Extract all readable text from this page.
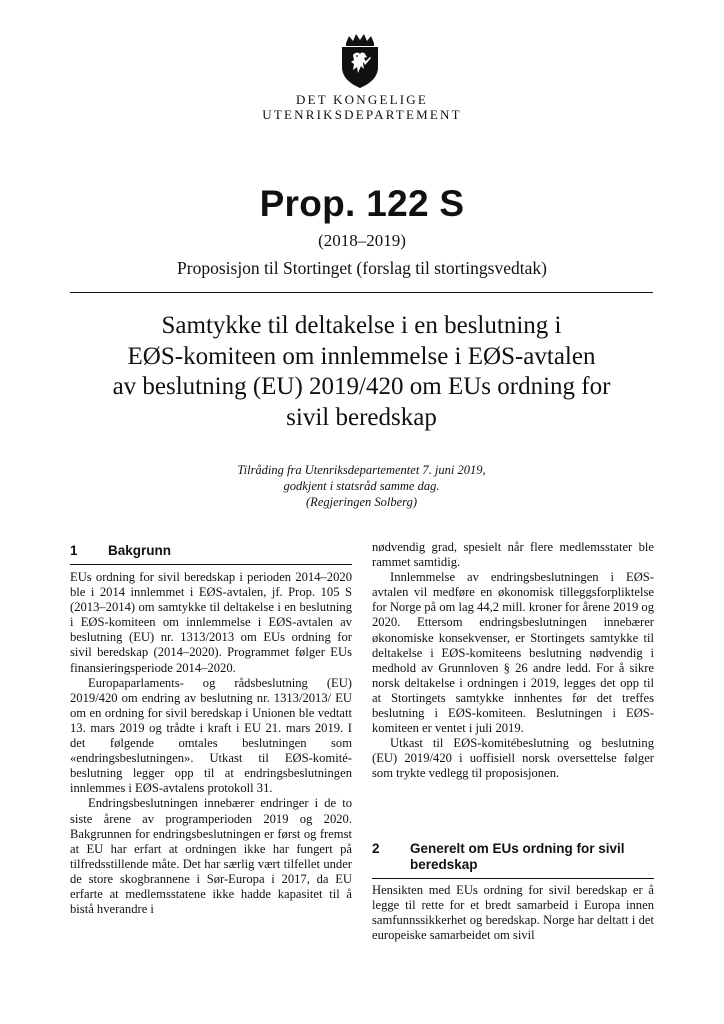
DET KONGELIGE
UTENRIKSDEPARTEMENT
Prop. 122 S
(2018–2019)
Proposisjon til Stortinget (forslag til stortingsvedtak)
Samtykke til deltakelse i en beslutning i
EØS-komiteen om innlemmelse i EØS-avtalen
av beslutning (EU) 2019/420 om EUs ordning for
sivil beredskap
Tilråding fra Utenriksdepartementet 7. juni 2019,
godkjent i statsråd samme dag.
(Regjeringen Solberg)
1 Bakgrunn

EUs ordning for sivil beredskap i perioden 2014–2020 ble i 2014 innlemmet i EØS-avtalen, jf. Prop. 105 S (2013–2014) om samtykke til deltakelse i en beslutning i EØS-komiteen om innlemmelse i EØS-avtalen av beslutning (EU) nr. 1313/2013 om EUs ordning for sivil beredskap (2014–2020). Programmet følger EUs finansieringsperiode 2014–2020.

Europaparlaments- og rådsbeslutning (EU) 2019/420 om endring av beslutning nr. 1313/2013/ EU om en ordning for sivil beredskap i Unionen ble vedtatt 13. mars 2019 og trådte i kraft i EU 21. mars 2019. I det følgende omtales beslutningen som «endringsbeslutningen». Utkast til EØS-komitébeslutning legger opp til at endringsbeslutningen innlemmes i EØS-avtalens protokoll 31.

Endringsbeslutningen innebærer endringer i de to siste årene av programperioden 2019 og 2020. Bakgrunnen for endringsbeslutningen er først og fremst at EU har erfart at ordningen ikke har fungert på tilfredsstillende måte. Det har særlig vært tilfellet under de store skogbrannene i Sør-Europa i 2017, da EU erfarte at medlemsstatene ikke hadde kapasitet til å bistå hverandre i

nødvendig grad, spesielt når flere medlemsstater ble rammet samtidig.

Innlemmelse av endringsbeslutningen i EØS-avtalen vil medføre en økonomisk tilleggsforpliktelse for Norge på om lag 44,2 mill. kroner for årene 2019 og 2020. Ettersom endringsbeslutningen innebærer økonomiske konsekvenser, er Stortingets samtykke til deltakelse i EØS-komiteens beslutning nødvendig i medhold av Grunnloven § 26 andre ledd. For å sikre norsk deltakelse i ordningen i 2019, legges det opp til at Stortingets samtykke innhentes før det treffes beslutning i EØS-komiteen. Beslutningen i EØS-komiteen er ventet i juli 2019.

Utkast til EØS-komitébeslutning og beslutning (EU) 2019/420 i uoffisiell norsk oversettelse følger som trykte vedlegg til proposisjonen.

2 Generelt om EUs ordning for sivil beredskap

Hensikten med EUs ordning for sivil beredskap er å legge til rette for et bredt samarbeid i Europa innen samfunnssikkerhet og beredskap. Norge har deltatt i det europeiske samarbeidet om sivil
